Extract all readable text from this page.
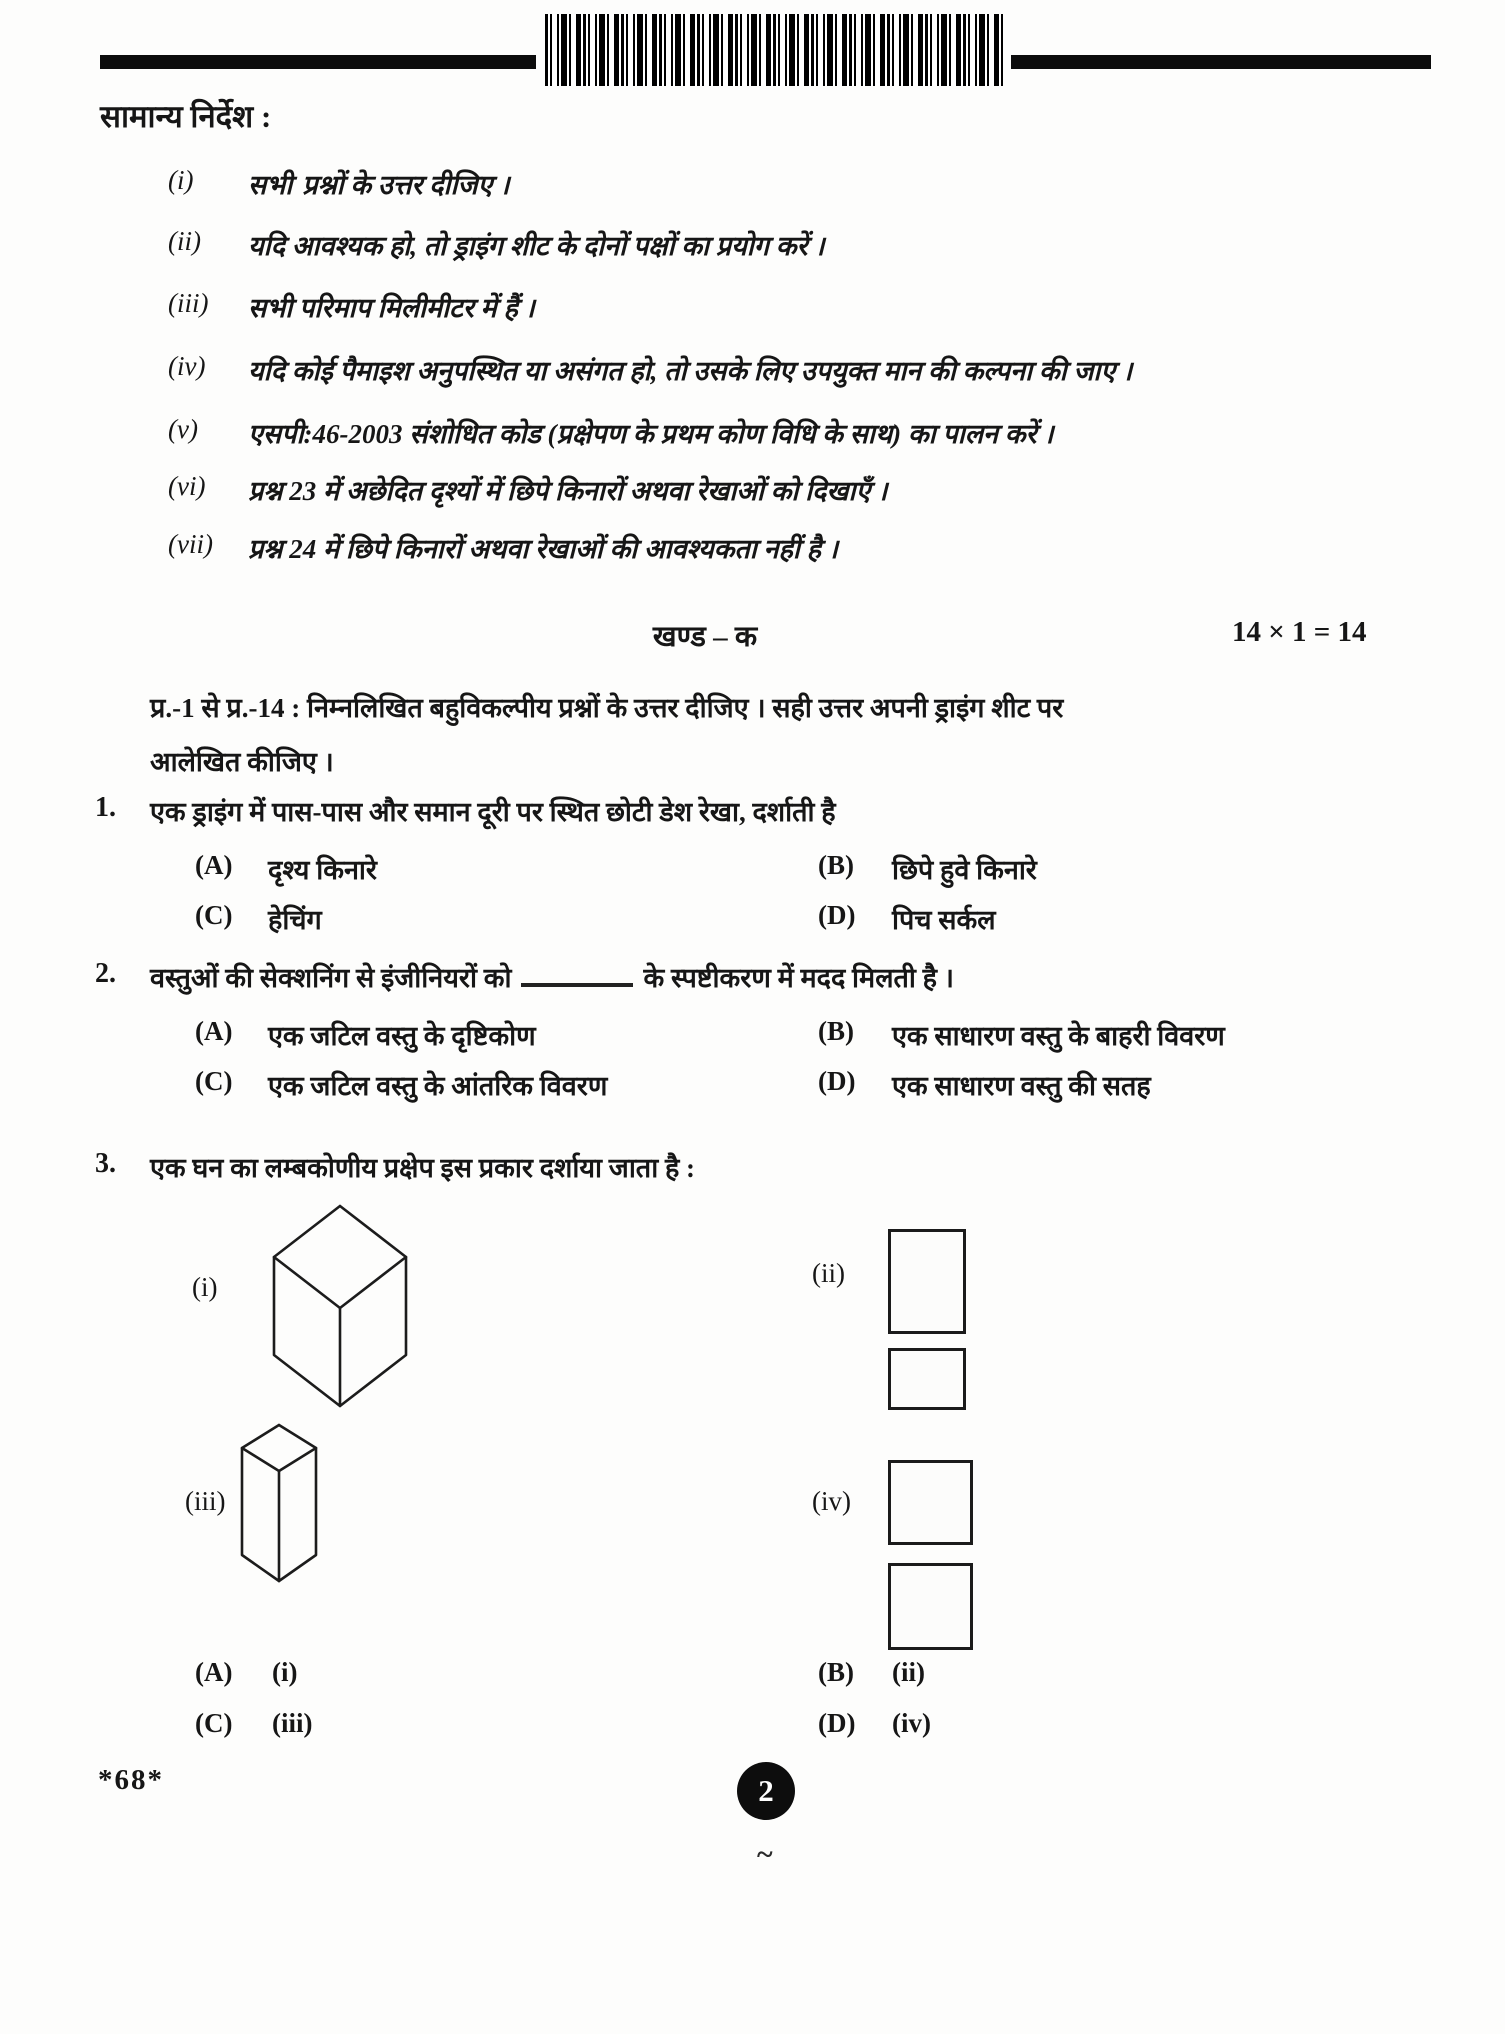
सामान्य निर्देश :
(i)	सभी प्रश्नों के उत्तर दीजिए ।
(ii)	यदि आवश्यक हो, तो ड्राइंग शीट के दोनों पक्षों का प्रयोग करें ।
(iii)	सभी परिमाप मिलीमीटर में हैं ।
(iv)	यदि कोई पैमाइश अनुपस्थित या असंगत हो, तो उसके लिए उपयुक्त मान की कल्पना की जाए ।
(v)	एसपी:46-2003 संशोधित कोड (प्रक्षेपण के प्रथम कोण विधि के साथ) का पालन करें ।
(vi)	प्रश्न 23 में अछेदित दृश्यों में छिपे किनारों अथवा रेखाओं को दिखाएँ ।
(vii)	प्रश्न 24 में छिपे किनारों अथवा रेखाओं की आवश्यकता नहीं है ।
खण्ड – क	14 × 1 = 14
प्र.-1 से प्र.-14 : निम्नलिखित बहुविकल्पीय प्रश्नों के उत्तर दीजिए । सही उत्तर अपनी ड्राइंग शीट पर
आलेखित कीजिए ।
1. एक ड्राइंग में पास-पास और समान दूरी पर स्थित छोटी डेश रेखा, दर्शाती है
(A) दृश्य किनारे	(B) छिपे हुवे किनारे
(C) हेचिंग	(D) पिच सर्कल
2. वस्तुओं की सेक्शनिंग से इंजीनियरों को	के स्पष्टीकरण में मदद मिलती है ।
(A) एक जटिल वस्तु के दृष्टिकोण	(B) एक साधारण वस्तु के बाहरी विवरण
(C) एक जटिल वस्तु के आंतरिक विवरण	(D) एक साधारण वस्तु की सतह
3. एक घन का लम्बकोणीय प्रक्षेप इस प्रकार दर्शाया जाता है :
(i)	(ii)
(iii)	(iv)
(A) (i)	(B) (ii)
(C) (iii)	(D) (iv)
*68*	2
~
